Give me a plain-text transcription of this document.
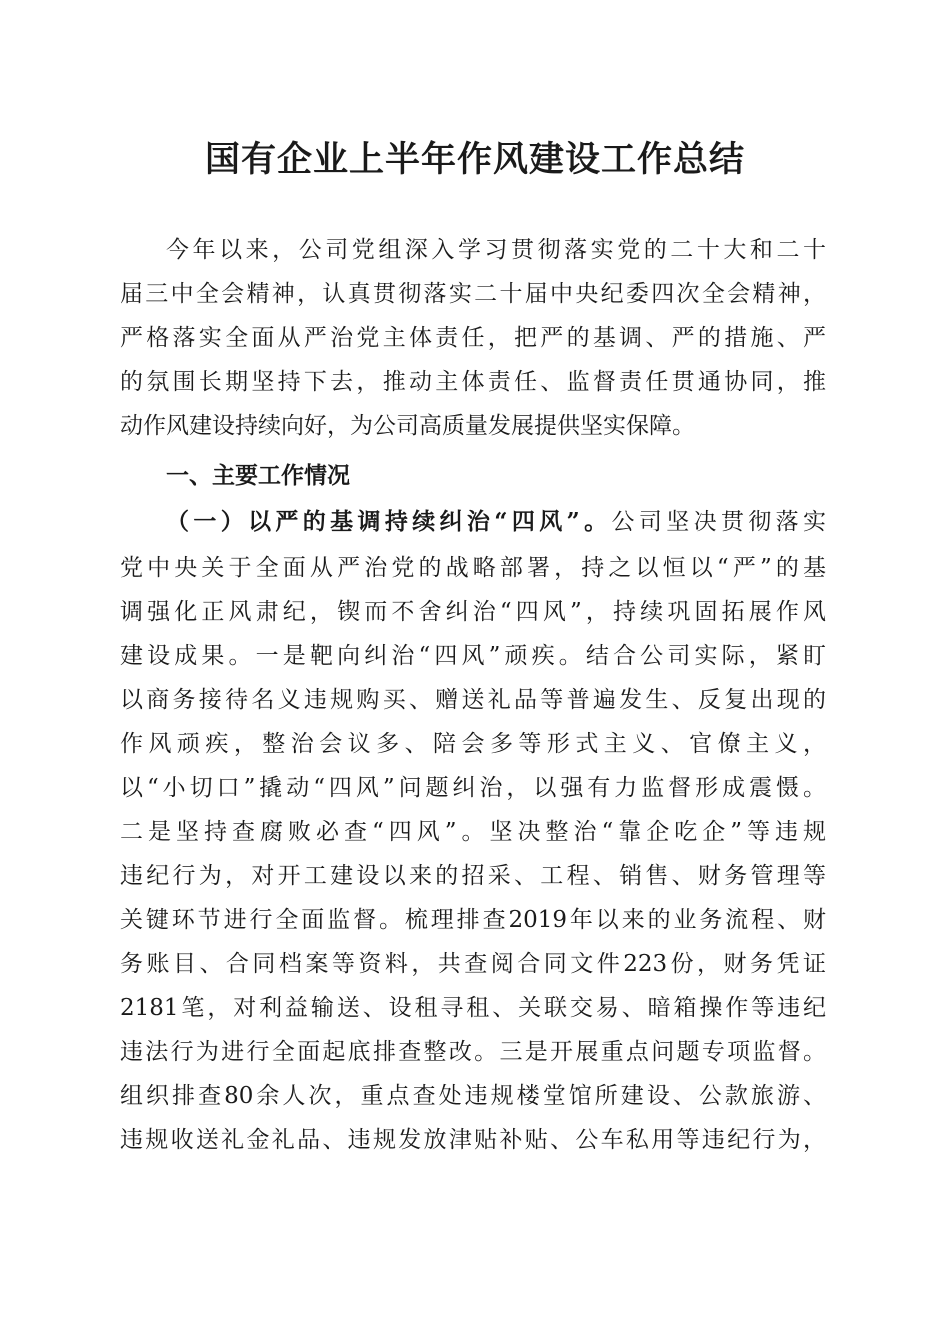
国有企业上半年作风建设工作总结
今年以来，公司党组深入学习贯彻落实党的二十大和二十
届三中全会精神，认真贯彻落实二十届中央纪委四次全会精神，
严格落实全面从严治党主体责任，把严的基调、严的措施、严
的氛围长期坚持下去，推动主体责任、监督责任贯通协同，推
动作风建设持续向好，为公司高质量发展提供坚实保障。
一、主要工作情况
（一）以严的基调持续纠治“四风”。公司坚决贯彻落实
党中央关于全面从严治党的战略部署，持之以恒以“严”的基
调强化正风肃纪，锲而不舍纠治“四风”，持续巩固拓展作风
建设成果。一是靶向纠治“四风”顽疾。结合公司实际，紧盯
以商务接待名义违规购买、赠送礼品等普遍发生、反复出现的
作风顽疾，整治会议多、陪会多等形式主义、官僚主义，
以“小切口”撬动“四风”问题纠治，以强有力监督形成震慑。
二是坚持查腐败必查“四风”。坚决整治“靠企吃企”等违规
违纪行为，对开工建设以来的招采、工程、销售、财务管理等
关键环节进行全面监督。梳理排查2019年以来的业务流程、财
务账目、合同档案等资料，共查阅合同文件223份，财务凭证
2181笔，对利益输送、设租寻租、关联交易、暗箱操作等违纪
违法行为进行全面起底排查整改。三是开展重点问题专项监督。
组织排查80余人次，重点查处违规楼堂馆所建设、公款旅游、
违规收送礼金礼品、违规发放津贴补贴、公车私用等违纪行为，
